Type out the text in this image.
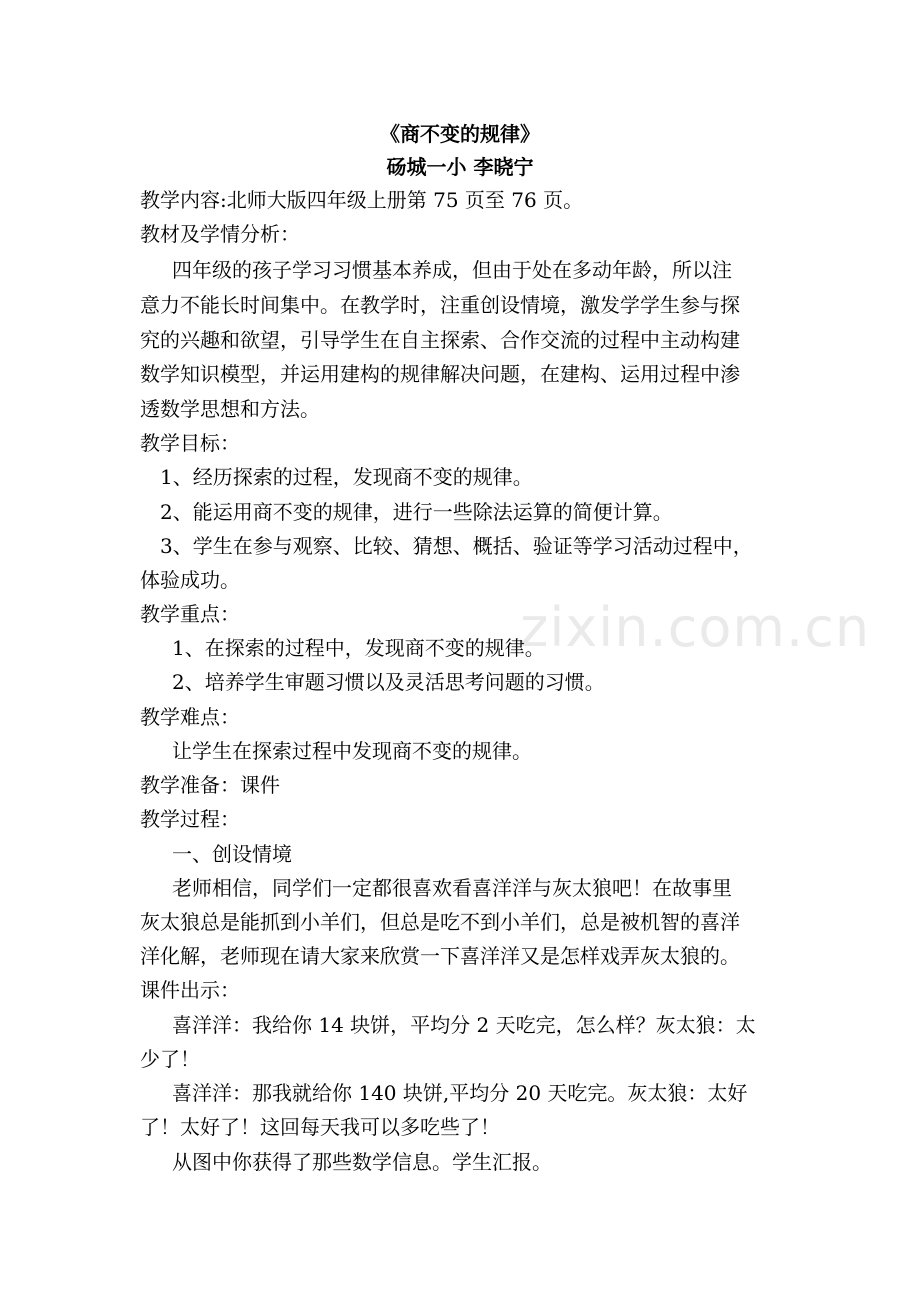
《商不变的规律》
砀城一小 李晓宁
zixin.com.cn
教学内容:北师大版四年级上册第 75 页至 76 页。
教材及学情分析：
四年级的孩子学习习惯基本养成，但由于处在多动年龄，所以注
意力不能长时间集中。在教学时，注重创设情境，激发学学生参与探
究的兴趣和欲望，引导学生在自主探索、合作交流的过程中主动构建
数学知识模型，并运用建构的规律解决问题，在建构、运用过程中渗
透数学思想和方法。
教学目标：
1、经历探索的过程，发现商不变的规律。
2、能运用商不变的规律，进行一些除法运算的简便计算。
3、学生在参与观察、比较、猜想、概括、验证等学习活动过程中，
体验成功。
教学重点：
1、在探索的过程中，发现商不变的规律。
2、培养学生审题习惯以及灵活思考问题的习惯。
教学难点：
让学生在探索过程中发现商不变的规律。
教学准备：课件
教学过程：
一、创设情境
老师相信，同学们一定都很喜欢看喜洋洋与灰太狼吧！在故事里
灰太狼总是能抓到小羊们，但总是吃不到小羊们，总是被机智的喜洋
洋化解，老师现在请大家来欣赏一下喜洋洋又是怎样戏弄灰太狼的。
课件出示：
喜洋洋：我给你 14 块饼，平均分 2 天吃完，怎么样？灰太狼：太
少了！
喜洋洋：那我就给你 140 块饼,平均分 20 天吃完。灰太狼：太好
了！太好了！这回每天我可以多吃些了！
从图中你获得了那些数学信息。学生汇报。
